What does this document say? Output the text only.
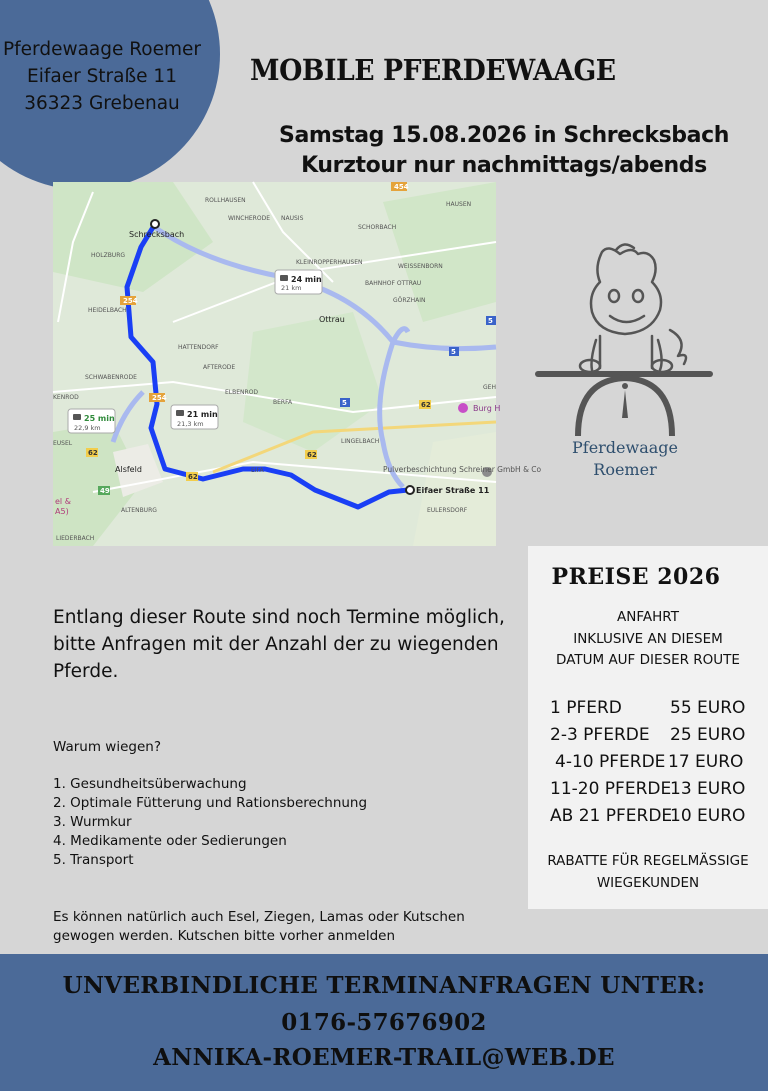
Pferdewaage Roemer
Eifaer Straße 11
36323 Grebenau
MOBILE PFERDEWAAGE
Samstag 15.08.2026 in Schrecksbach
Kurztour nur nachmittags/abends
ROLLHAUSEN
HAUSEN
WINCHERODE NAUSIS
SCHORBACH
HOLZBURG
KLEINROPPERHAUSEN
WEISSENBORN
BAHNHOF OTTRAU
GÖRZHAIN
HEIDELBACH
HATTENDORF
AFTERODE
SCHWABENRODE
ELBENROD
BERFA
LINGELBACH
EIFA
ALTENBURG
LIEDERBACH
EULERSDORF
GEH
EUSEL
KENROD
Schrecksbach
Ottrau
Alsfeld
Burg H
el &
A5)
Pulverbeschichtung Schreiner GmbH & Co
454
254
254
62
62
62
49
5
5
5
62
24 min
21 km
21 min
21,3 km
25 min
22,9 km
Eifaer Straße 11
Pferdewaage
Roemer
PREISE 2026
ANFAHRT
INKLUSIVE AN DIESEM
DATUM AUF DIESER ROUTE
1 PFERD	55 EURO
2-3 PFERDE 25 EURO
4-10 PFERDE 17 EURO
11-20 PFERDE13 EURO
AB 21 PFERDE10 EURO
RABATTE FÜR REGELMÄSSIGE
WIEGEKUNDEN
Entlang dieser Route sind noch Termine möglich, bitte Anfragen mit der Anzahl der zu wiegenden Pferde.
Warum wiegen?
1. Gesundheitsüberwachung
2. Optimale Fütterung und Rationsberechnung
3. Wurmkur
4. Medikamente oder Sedierungen
5. Transport
Es können natürlich auch Esel, Ziegen, Lamas oder Kutschen gewogen werden. Kutschen bitte vorher anmelden
UNVERBINDLICHE TERMINANFRAGEN UNTER:
0176-57676902
ANNIKA-ROEMER-TRAIL@WEB.DE
